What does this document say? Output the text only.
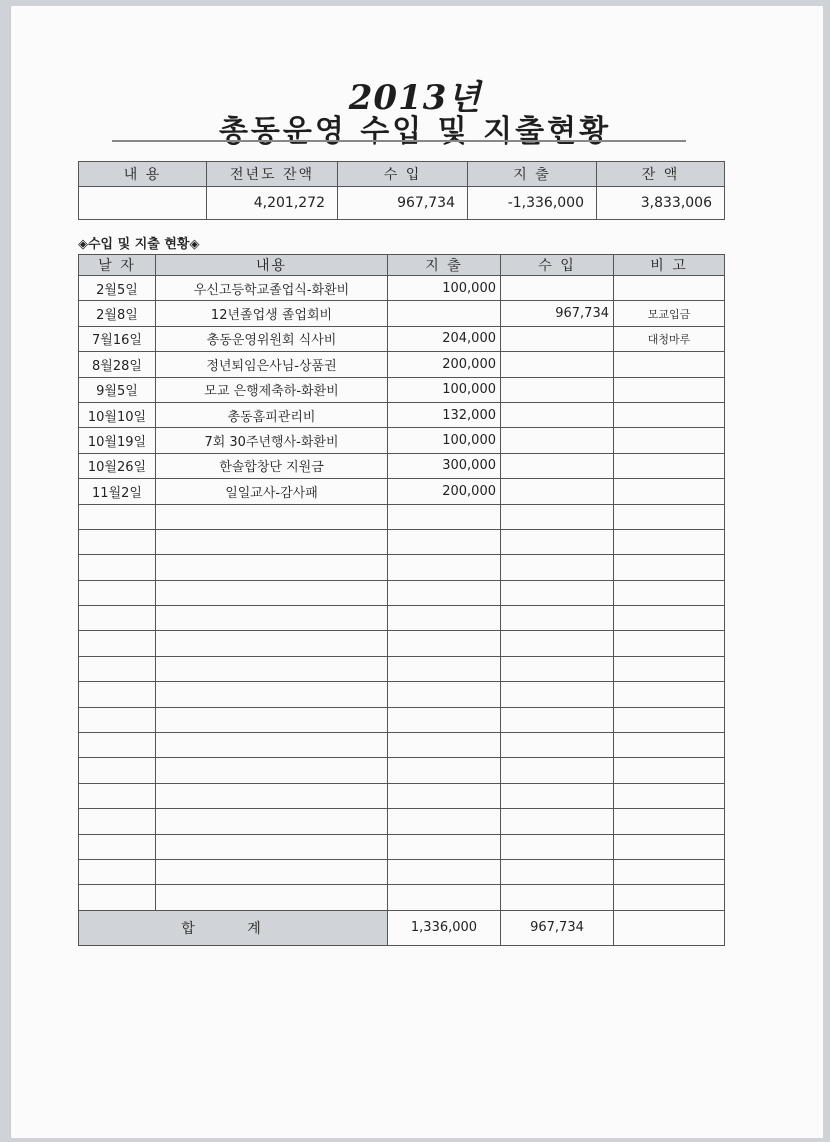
2013년
총동운영 수입 및 지출현황
내 용	전년도 잔액	수 입	지 출	잔 액
	4,201,272	967,734	-1,336,000	3,833,006
◈수입 및 지출 현황◈
날 자	내용	지 출	수 입	비 고
2월5일	우신고등학교졸업식-화환비	100,000		
2월8일	12년졸업생 졸업회비		967,734	모교입금
7월16일	총동운영위원회 식사비	204,000		대청마루
8월28일	정년퇴임은사님-상품권	200,000		
9월5일	모교 은행제축하-화환비	100,000		
10월10일	총동홈피관리비	132,000		
10월19일	7회 30주년행사-화환비	100,000		
10월26일	한솔합창단 지원금	300,000		
11월2일	일일교사-감사패	200,000		

합 계		1,336,000	967,734	
